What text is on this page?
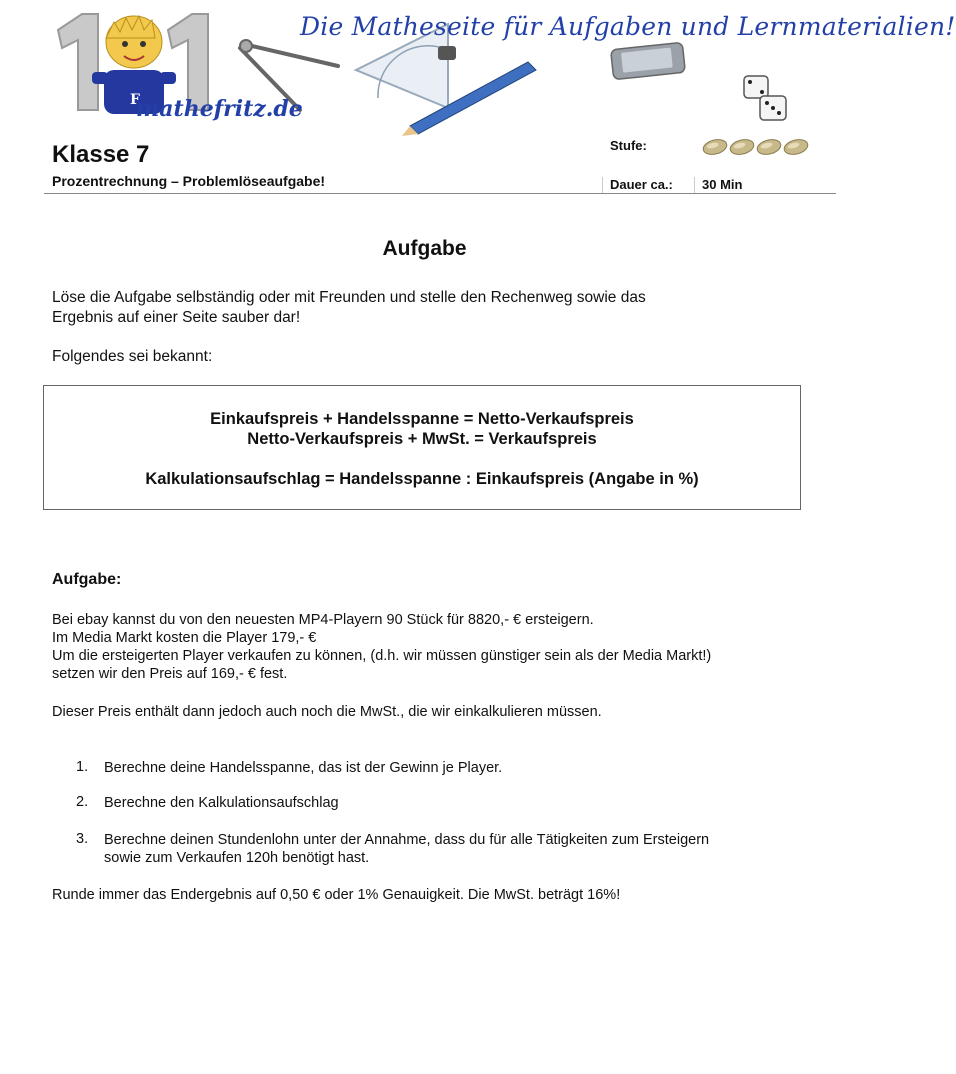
F
Die Matheseite für Aufgaben und Lernmaterialien!
mathefritz.de
Klasse 7
Prozentrechnung – Problemlöseaufgabe!
Stufe:
Dauer ca.: 30 Min
Aufgabe
Löse die Aufgabe selbständig oder mit Freunden und stelle den Rechenweg sowie das
Ergebnis auf einer Seite sauber dar!
Folgendes sei bekannt:
Einkaufspreis + Handelsspanne = Netto-Verkaufspreis
Netto-Verkaufspreis + MwSt. = Verkaufspreis
Kalkulationsaufschlag = Handelsspanne : Einkaufspreis (Angabe in %)
Aufgabe:
Bei ebay kannst du von den neuesten MP4-Playern 90 Stück für 8820,- € ersteigern.
Im Media Markt kosten die Player 179,- €
Um die ersteigerten Player verkaufen zu können, (d.h. wir müssen günstiger sein als der Media Markt!)
setzen wir den Preis auf 169,- € fest.
Dieser Preis enthält dann jedoch auch noch die MwSt., die wir einkalkulieren müssen.
1. Berechne deine Handelsspanne, das ist der Gewinn je Player.
2. Berechne den Kalkulationsaufschlag
3. Berechne deinen Stundenlohn unter der Annahme, dass du für alle Tätigkeiten zum Ersteigern
sowie zum Verkaufen 120h benötigt hast.
Runde immer das Endergebnis auf 0,50 € oder 1% Genauigkeit. Die MwSt. beträgt 16%!
